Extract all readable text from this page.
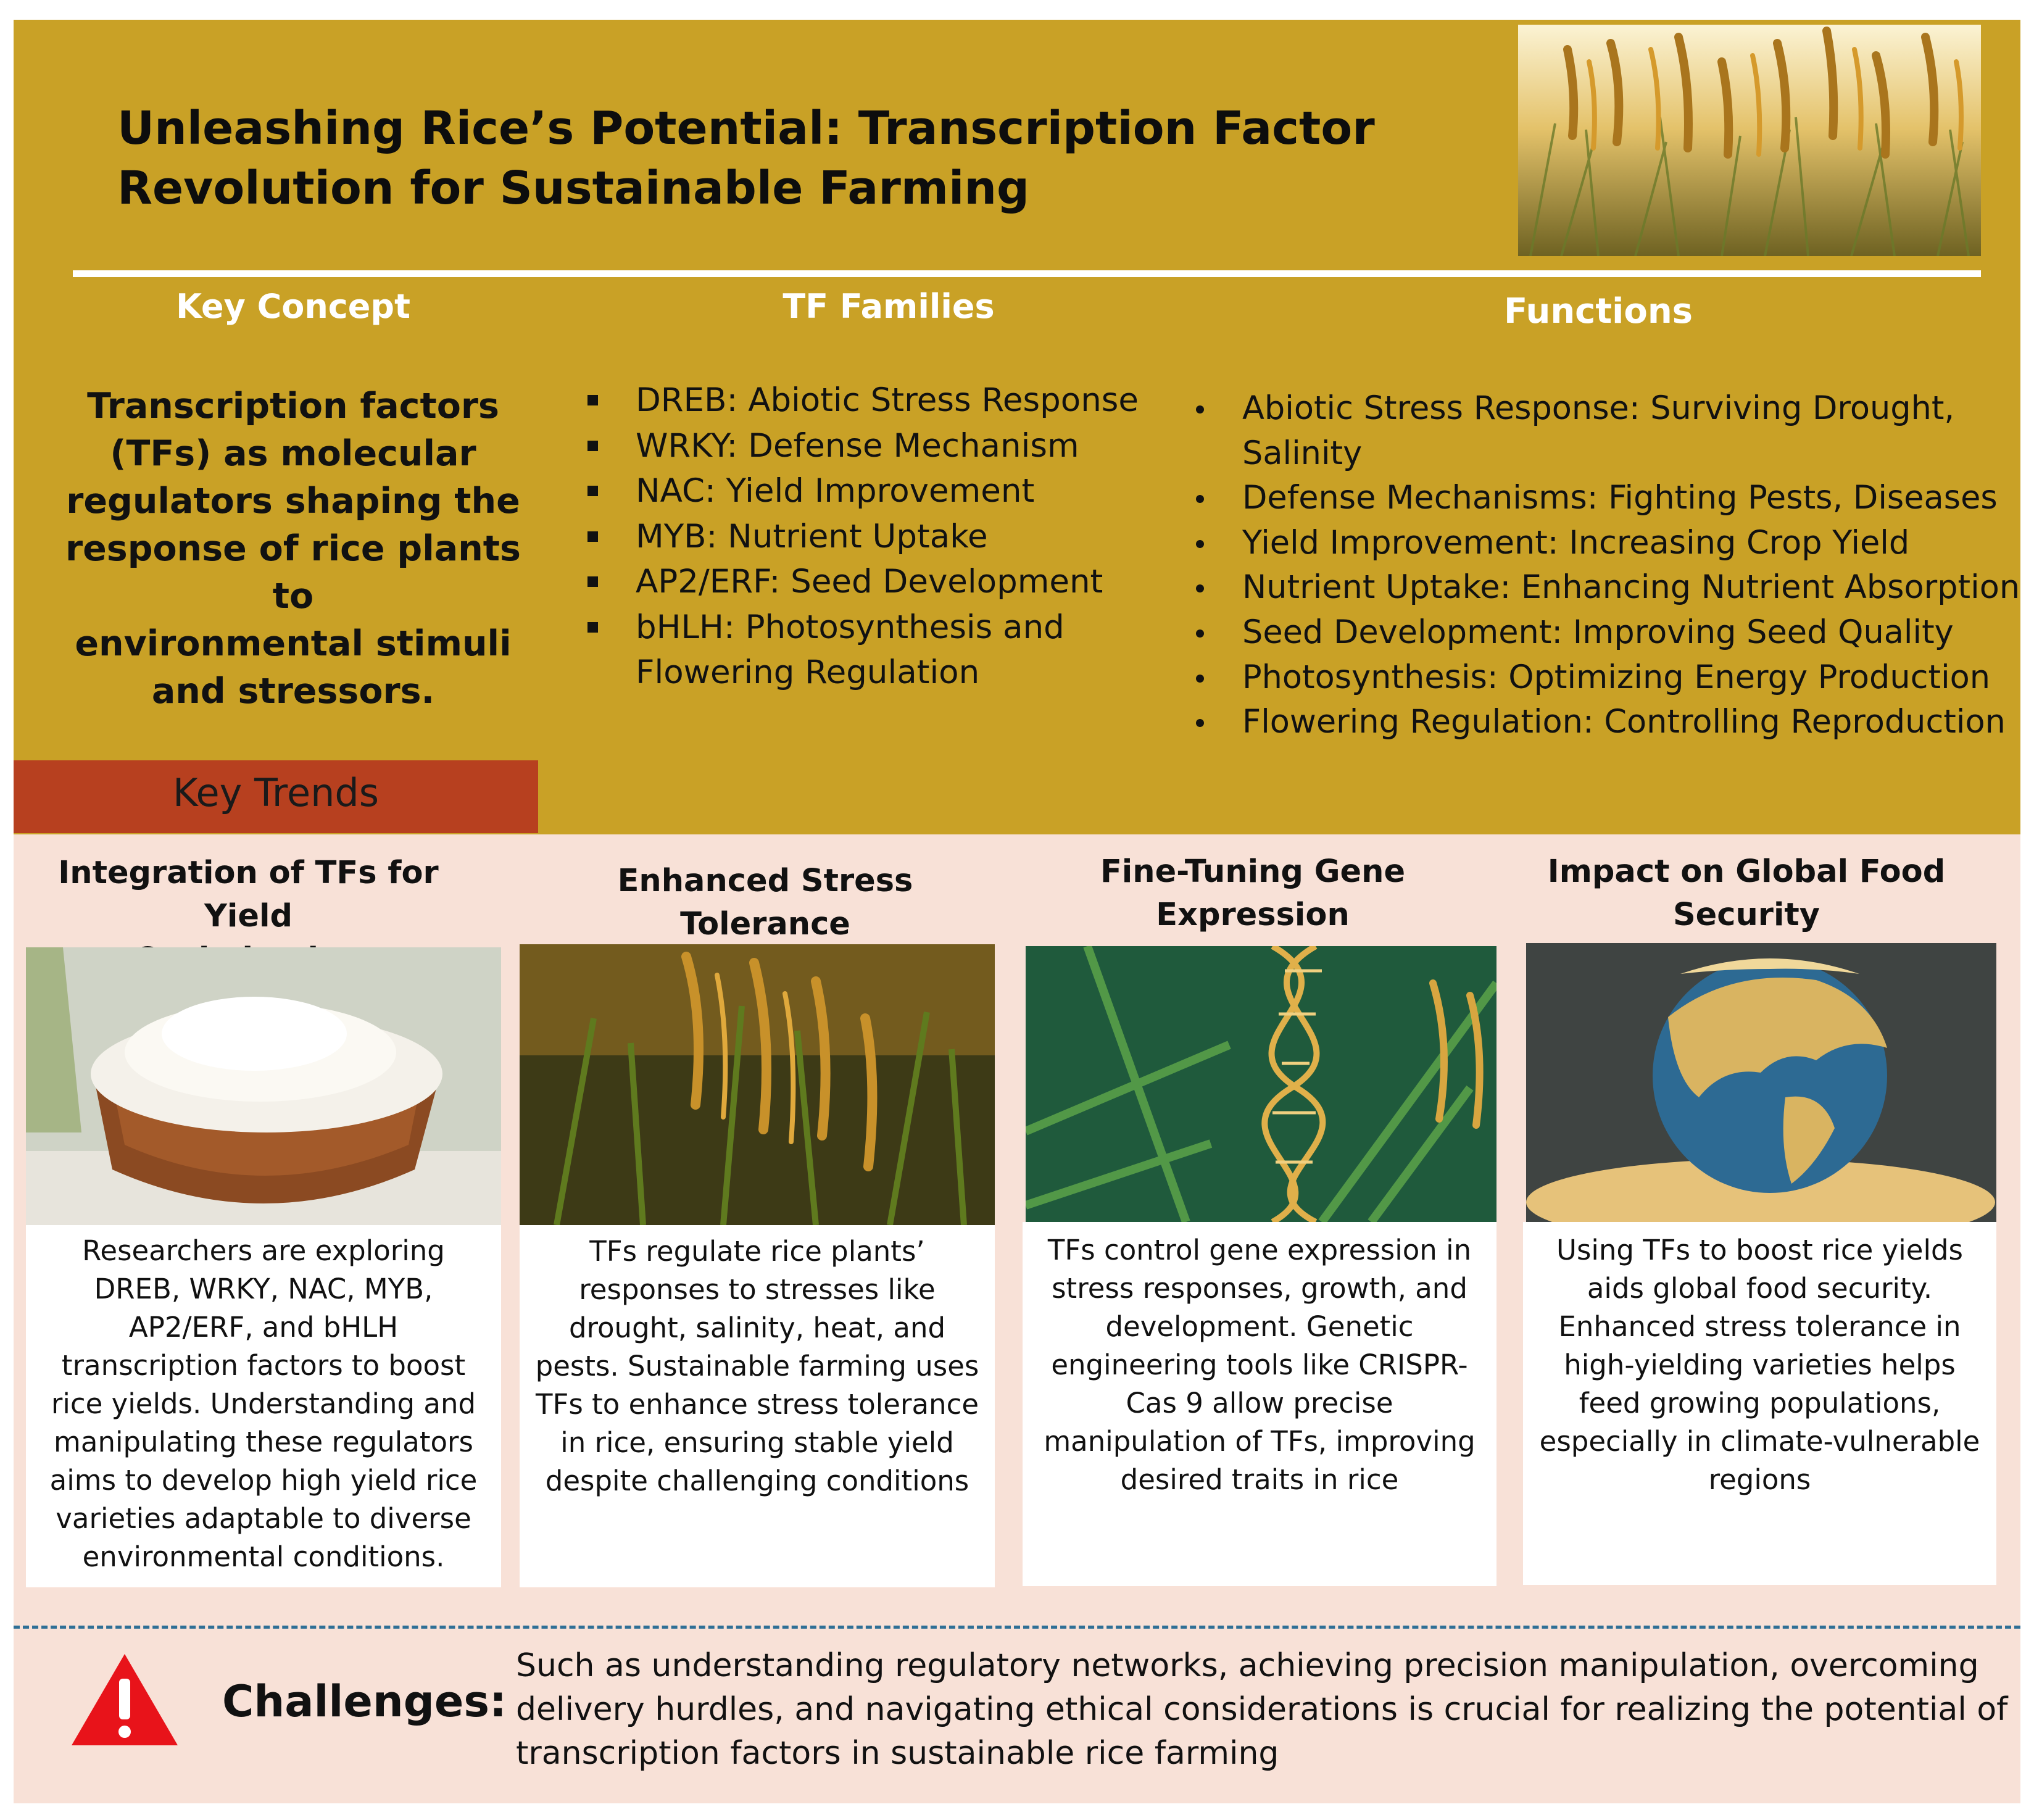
Unleashing Rice’s Potential: Transcription Factor
Revolution for Sustainable Farming
Key Concept	TF Families	Functions
Transcription factors
(TFs) as molecular
regulators shaping the
response of rice plants to
environmental stimuli
and stressors.
DREB: Abiotic Stress Response
WRKY: Defense Mechanism
NAC: Yield Improvement
MYB: Nutrient Uptake
AP2/ERF: Seed Development
bHLH: Photosynthesis and Flowering Regulation
Abiotic Stress Response: Surviving Drought, Salinity
Defense Mechanisms: Fighting Pests, Diseases
Yield Improvement: Increasing Crop Yield
Nutrient Uptake: Enhancing Nutrient Absorption
Seed Development: Improving Seed Quality
Photosynthesis: Optimizing Energy Production
Flowering Regulation: Controlling Reproduction
Key Trends
Integration of TFs for Yield
Researchers are exploring
DREB, WRKY, NAC, MYB,
AP2/ERF, and bHLH
transcription factors to boost
rice yields. Understanding and
manipulating these regulators
aims to develop high yield rice
varieties adaptable to diverse
environmental conditions.
Enhanced Stress
Tolerance
TFs regulate rice plants’
responses to stresses like
drought, salinity, heat, and
pests. Sustainable farming uses
TFs to enhance stress tolerance
in rice, ensuring stable yield
despite challenging conditions
Fine-Tuning Gene
Expression
TFs control gene expression in
stress responses, growth, and
development. Genetic
engineering tools like CRISPR-
Cas 9 allow precise
manipulation of TFs, improving
desired traits in rice
Impact on Global Food
Security
Using TFs to boost rice yields
aids global food security.
Enhanced stress tolerance in
high-yielding varieties helps
feed growing populations,
especially in climate-vulnerable
regions
Challenges:
Such as understanding regulatory networks, achieving precision manipulation, overcoming
delivery hurdles, and navigating ethical considerations is crucial for realizing the potential of
transcription factors in sustainable rice farming
